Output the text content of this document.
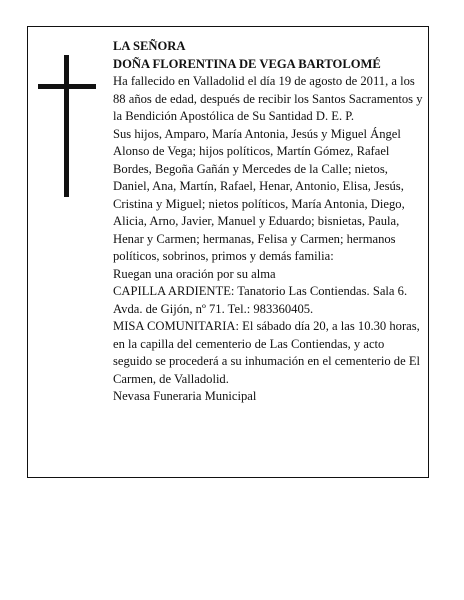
LA SEÑORA
DOÑA FLORENTINA DE VEGA BARTOLOMÉ

Ha fallecido en Valladolid el día 19 de agosto de 2011, a los 88 años de edad, después de recibir los Santos Sacramentos y la Bendición Apostólica de Su Santidad D. E. P.

Sus hijos, Amparo, María Antonia, Jesús y Miguel Ángel Alonso de Vega; hijos políticos, Martín Gómez, Rafael Bordes, Begoña Gañán y Mercedes de la Calle; nietos, Daniel, Ana, Martín, Rafael, Henar, Antonio, Elisa, Jesús, Cristina y Miguel; nietos políticos, María Antonia, Diego, Alicia, Arno, Javier, Manuel y Eduardo; bisnietas, Paula, Henar y Carmen; hermanas, Felisa y Carmen; hermanos políticos, sobrinos, primos y demás familia:

Ruegan una oración por su alma

CAPILLA ARDIENTE: Tanatorio Las Contiendas. Sala 6. Avda. de Gijón, nº 71. Tel.: 983360405.

MISA COMUNITARIA: El sábado día 20, a las 10.30 horas, en la capilla del cementerio de Las Contiendas, y acto seguido se procederá a su inhumación en el cementerio de El Carmen, de Valladolid.

Nevasa Funeraria Municipal
